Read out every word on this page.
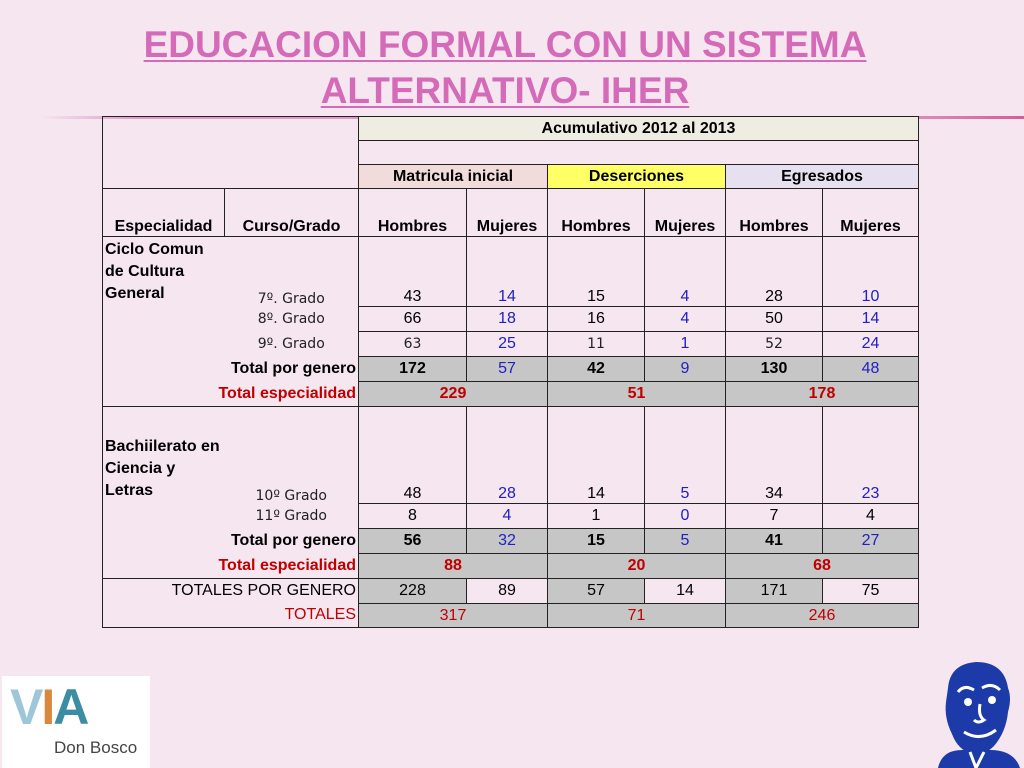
EDUCACION FORMAL CON UN SISTEMA
ALTERNATIVO- IHER
		Acumulativo 2012 al 2013					

		Matricula inicial		Deserciones		Egresados	
Especialidad	Curso/Grado	Hombres	Mujeres	Hombres	Mujeres	Hombres	Mujeres
Ciclo Comun de Cultura General	7º. Grado	43	14	15	4	28	10
	8º. Grado	66	18	16	4	50	14
	9º. Grado	63	25	11	1	52	24
Total por genero		172	57	42	9	130	48
Total especialidad		229		51		178	
Bachiilerato en Ciencia y Letras	10º Grado	48	28	14	5	34	23
	11º Grado	8	4	1	0	7	4
Total por genero		56	32	15	5	41	27
Total especialidad		88		20		68	
TOTALES POR GENERO		228	89	57	14	171	75
TOTALES		317		71		246	
VIA
Don Bosco
